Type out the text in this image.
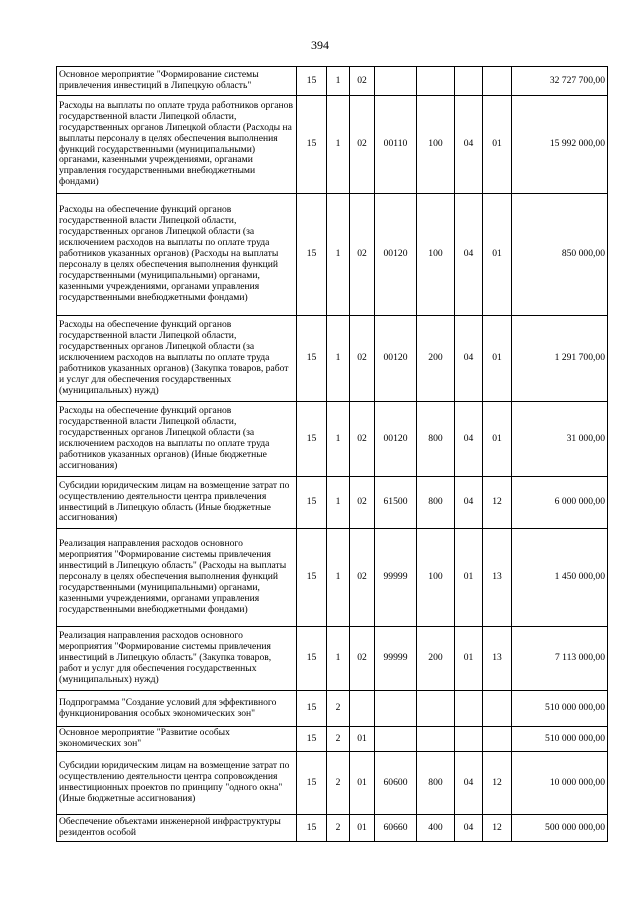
394
Основное мероприятие "Формирование системы привлечения инвестиций в Липецкую область"	15	1	02					32 727 700,00
Расходы на выплаты по оплате труда работников органов государственной власти Липецкой области, государственных органов Липецкой области (Расходы на выплаты персоналу в целях обеспечения выполнения функций государственными (муниципальными) органами, казенными учреждениями, органами управления государственными внебюджетными фондами)	15	1	02	00110	100	04	01	15 992 000,00
Расходы на обеспечение функций органов государственной власти Липецкой области, государственных органов Липецкой области (за исключением расходов на выплаты по оплате труда работников указанных органов) (Расходы на выплаты персоналу в целях обеспечения выполнения функций государственными (муниципальными) органами, казенными учреждениями, органами управления государственными внебюджетными фондами)	15	1	02	00120	100	04	01	850 000,00
Расходы на обеспечение функций органов государственной власти Липецкой области, государственных органов Липецкой области (за исключением расходов на выплаты по оплате труда работников указанных органов) (Закупка товаров, работ и услуг для обеспечения государственных (муниципальных) нужд)	15	1	02	00120	200	04	01	1 291 700,00
Расходы на обеспечение функций органов государственной власти Липецкой области, государственных органов Липецкой области (за исключением расходов на выплаты по оплате труда работников указанных органов) (Иные бюджетные ассигнования)	15	1	02	00120	800	04	01	31 000,00
Субсидии юридическим лицам на возмещение затрат по осуществлению деятельности центра привлечения инвестиций в Липецкую область (Иные бюджетные ассигнования)	15	1	02	61500	800	04	12	6 000 000,00
Реализация направления расходов основного мероприятия "Формирование системы привлечения инвестиций в Липецкую область" (Расходы на выплаты персоналу в целях обеспечения выполнения функций государственными (муниципальными) органами, казенными учреждениями, органами управления государственными внебюджетными фондами)	15	1	02	99999	100	01	13	1 450 000,00
Реализация направления расходов основного мероприятия "Формирование системы привлечения инвестиций в Липецкую область" (Закупка товаров, работ и услуг для обеспечения государственных (муниципальных) нужд)	15	1	02	99999	200	01	13	7 113 000,00
Подпрограмма "Создание условий для эффективного функционирования особых экономических зон"	15	2						510 000 000,00
Основное мероприятие "Развитие особых экономических зон"	15	2	01					510 000 000,00
Субсидии юридическим лицам на возмещение затрат по осуществлению деятельности центра сопровождения инвестиционных проектов по принципу "одного окна" (Иные бюджетные ассигнования)	15	2	01	60600	800	04	12	10 000 000,00
Обеспечение объектами инженерной инфраструктуры резидентов особой	15	2	01	60660	400	04	12	500 000 000,00
